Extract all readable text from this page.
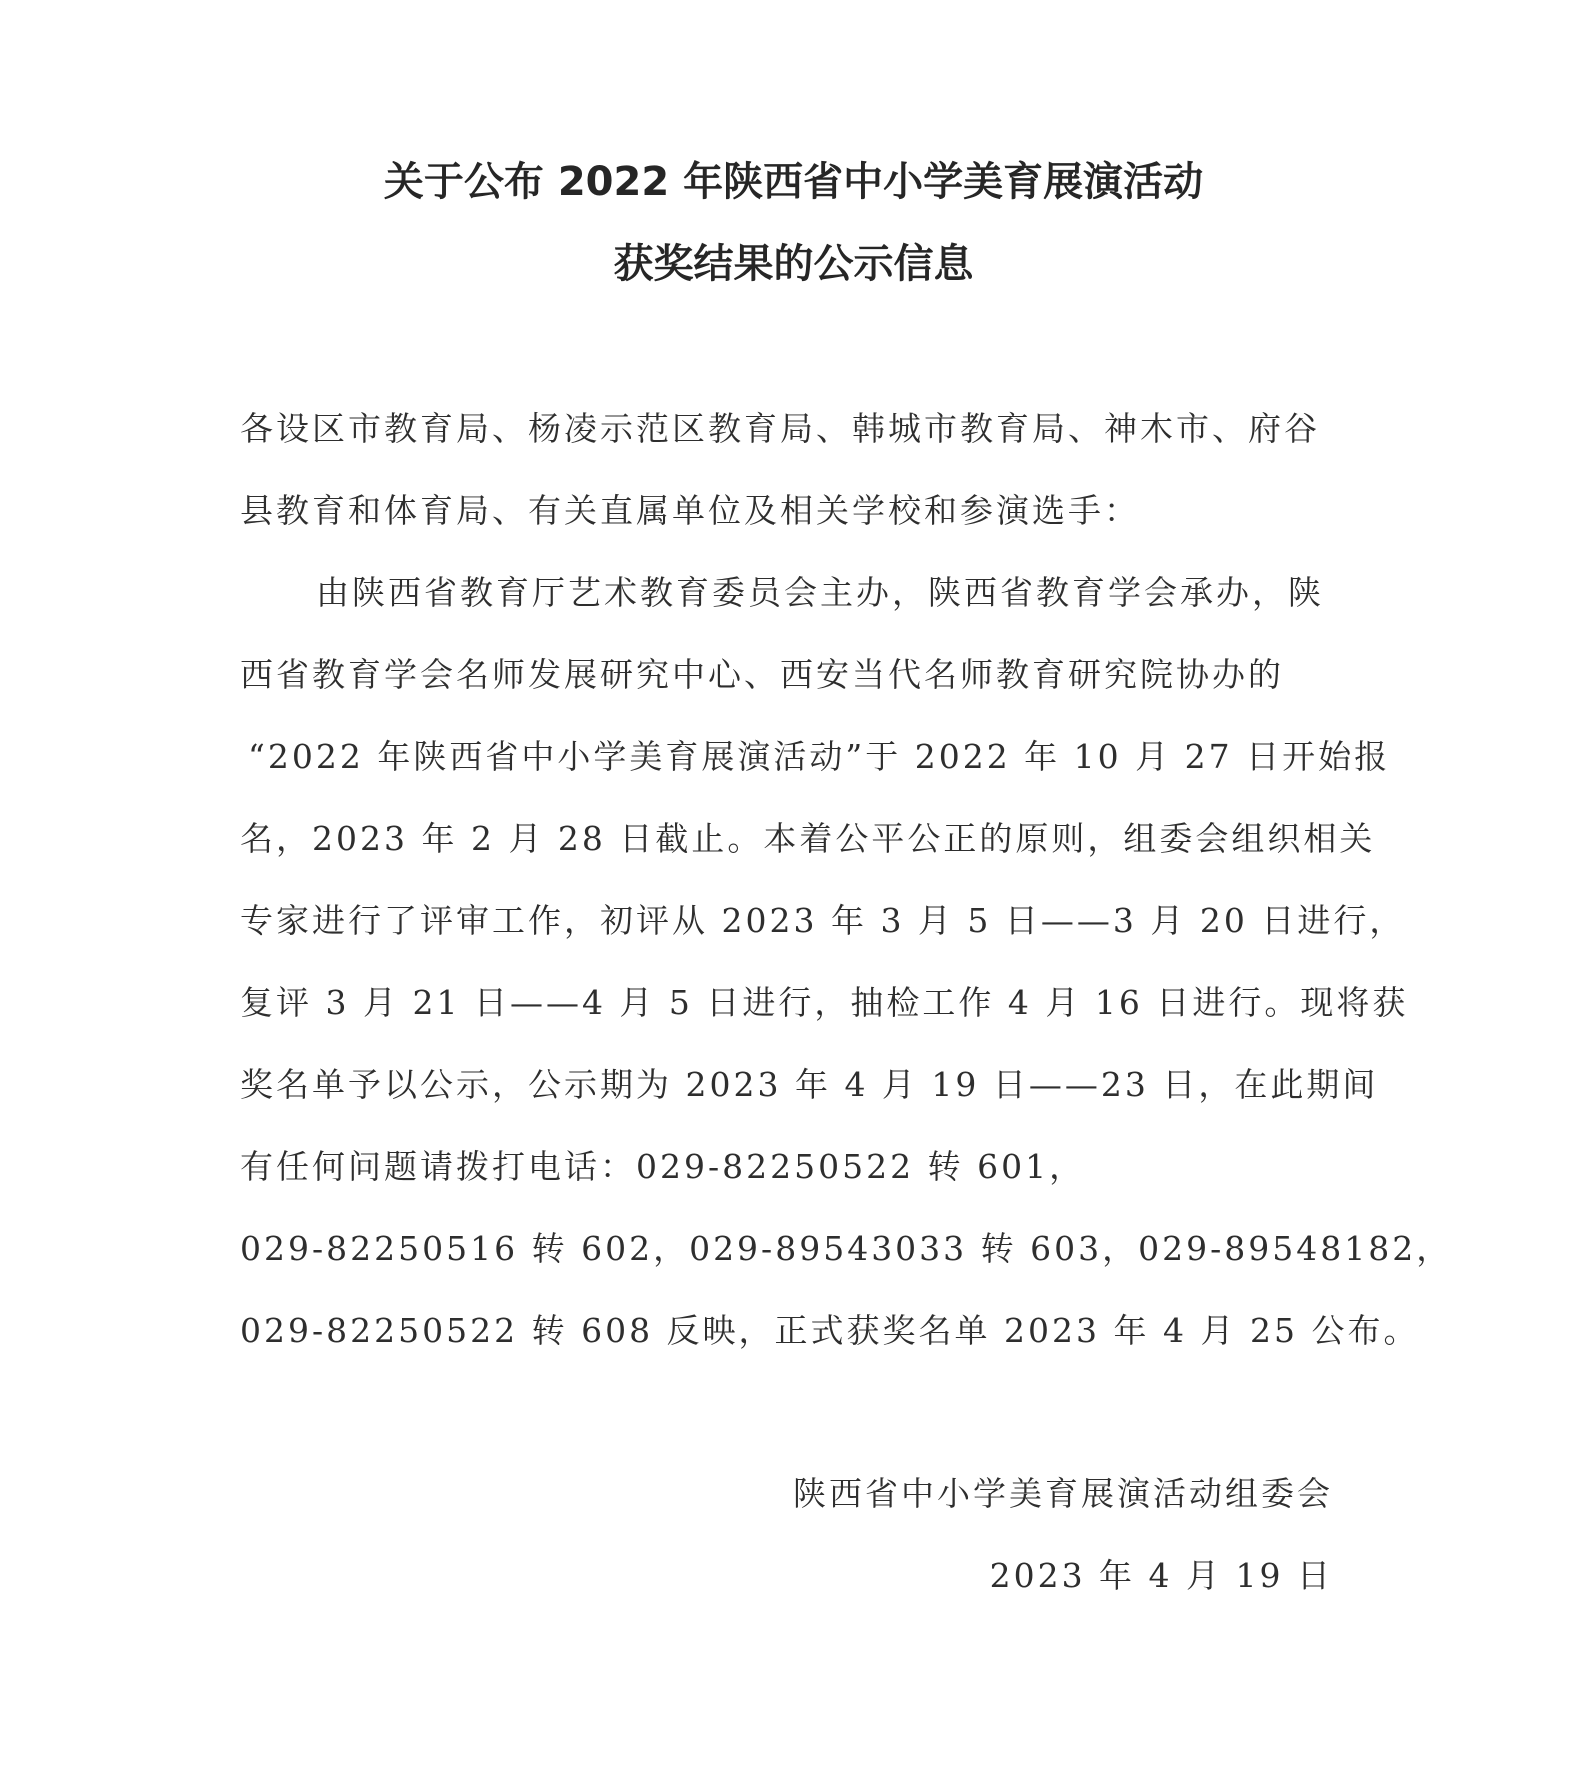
关于公布 2022 年陕西省中小学美育展演活动
获奖结果的公示信息
各设区市教育局、杨凌示范区教育局、韩城市教育局、神木市、府谷
县教育和体育局、有关直属单位及相关学校和参演选手：
由陕西省教育厅艺术教育委员会主办，陕西省教育学会承办，陕
西省教育学会名师发展研究中心、西安当代名师教育研究院协办的
“2022 年陕西省中小学美育展演活动”于 2022 年 10 月 27 日开始报
名，2023 年 2 月 28 日截止。本着公平公正的原则，组委会组织相关
专家进行了评审工作，初评从 2023 年 3 月 5 日——3 月 20 日进行，
复评 3 月 21 日——4 月 5 日进行，抽检工作 4 月 16 日进行。现将获
奖名单予以公示，公示期为 2023 年 4 月 19 日——23 日，在此期间
有任何问题请拨打电话：029-82250522 转 601，
029-82250516 转 602，029-89543033 转 603，029-89548182，
029-82250522 转 608 反映，正式获奖名单 2023 年 4 月 25 公布。
陕西省中小学美育展演活动组委会
2023 年 4 月 19 日
